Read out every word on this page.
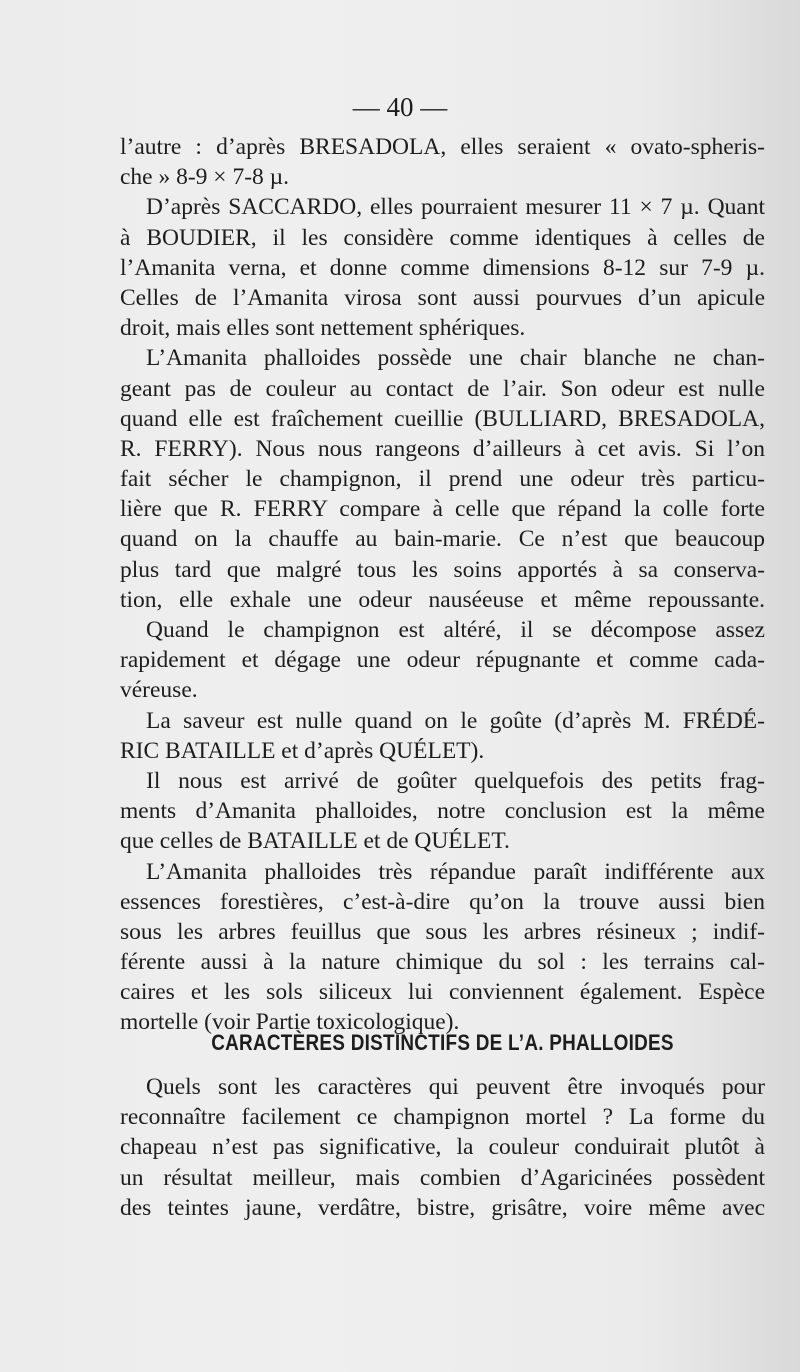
— 40 —
l’autre : d’après BRESADOLA, elles seraient « ovato-spheris-
che » 8-9 × 7-8 µ.
D’après SACCARDO, elles pourraient mesurer 11 × 7 µ. Quant
à BOUDIER, il les considère comme identiques à celles de
l’Amanita verna, et donne comme dimensions 8-12 sur 7-9 µ.
Celles de l’Amanita virosa sont aussi pourvues d’un apicule
droit, mais elles sont nettement sphériques.
L’Amanita phalloides possède une chair blanche ne chan-
geant pas de couleur au contact de l’air. Son odeur est nulle
quand elle est fraîchement cueillie (BULLIARD, BRESADOLA,
R. FERRY). Nous nous rangeons d’ailleurs à cet avis. Si l’on
fait sécher le champignon, il prend une odeur très particu-
lière que R. FERRY compare à celle que répand la colle forte
quand on la chauffe au bain-marie. Ce n’est que beaucoup
plus tard que malgré tous les soins apportés à sa conserva-
tion, elle exhale une odeur nauséeuse et même repoussante.
Quand le champignon est altéré, il se décompose assez
rapidement et dégage une odeur répugnante et comme cada-
véreuse.
La saveur est nulle quand on le goûte (d’après M. FRÉDÉ-
RIC BATAILLE et d’après QUÉLET).
Il nous est arrivé de goûter quelquefois des petits frag-
ments d’Amanita phalloides, notre conclusion est la même
que celles de BATAILLE et de QUÉLET.
L’Amanita phalloides très répandue paraît indifférente aux
essences forestières, c’est-à-dire qu’on la trouve aussi bien
sous les arbres feuillus que sous les arbres résineux ; indif-
férente aussi à la nature chimique du sol : les terrains cal-
caires et les sols siliceux lui conviennent également. Espèce
mortelle (voir Partie toxicologique).
CARACTÈRES DISTINCTIFS DE L’A. PHALLOIDES
Quels sont les caractères qui peuvent être invoqués pour
reconnaître facilement ce champignon mortel ? La forme du
chapeau n’est pas significative, la couleur conduirait plutôt à
un résultat meilleur, mais combien d’Agaricinées possèdent
des teintes jaune, verdâtre, bistre, grisâtre, voire même avec
